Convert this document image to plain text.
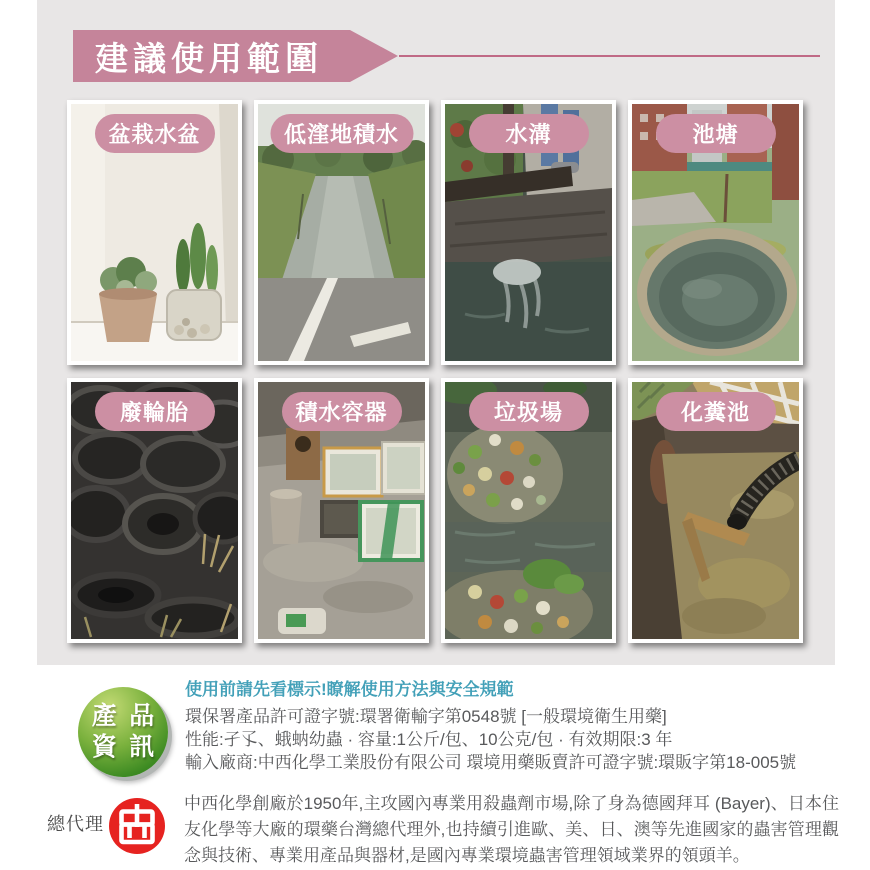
建議使用範圍
盆栽水盆	低漥地積水	水溝	池塘
廢輪胎	積水容器	垃圾場	化糞池
產品
資訊

使用前請先看標示!瞭解使用方法與安全規範

環保署產品許可證字號:環署衛輸字第0548號 [一般環境衛生用藥]

性能:孑孓、蛾蚋幼蟲 · 容量:1公斤/包、10公克/包 · 有效期限:3 年

輸入廠商:中西化學工業股份有限公司 環境用藥販賣許可證字號:環販字第18-005號

總代理

中西化學創廠於1950年,主攻國內專業用殺蟲劑市場,除了身為德國拜耳 (Bayer)、日本住友化學等大廠的環藥台灣總代理外,也持續引進歐、美、日、澳等先進國家的蟲害管理觀念與技術、專業用產品與器材,是國內專業環境蟲害管理領域業界的領頭羊。
